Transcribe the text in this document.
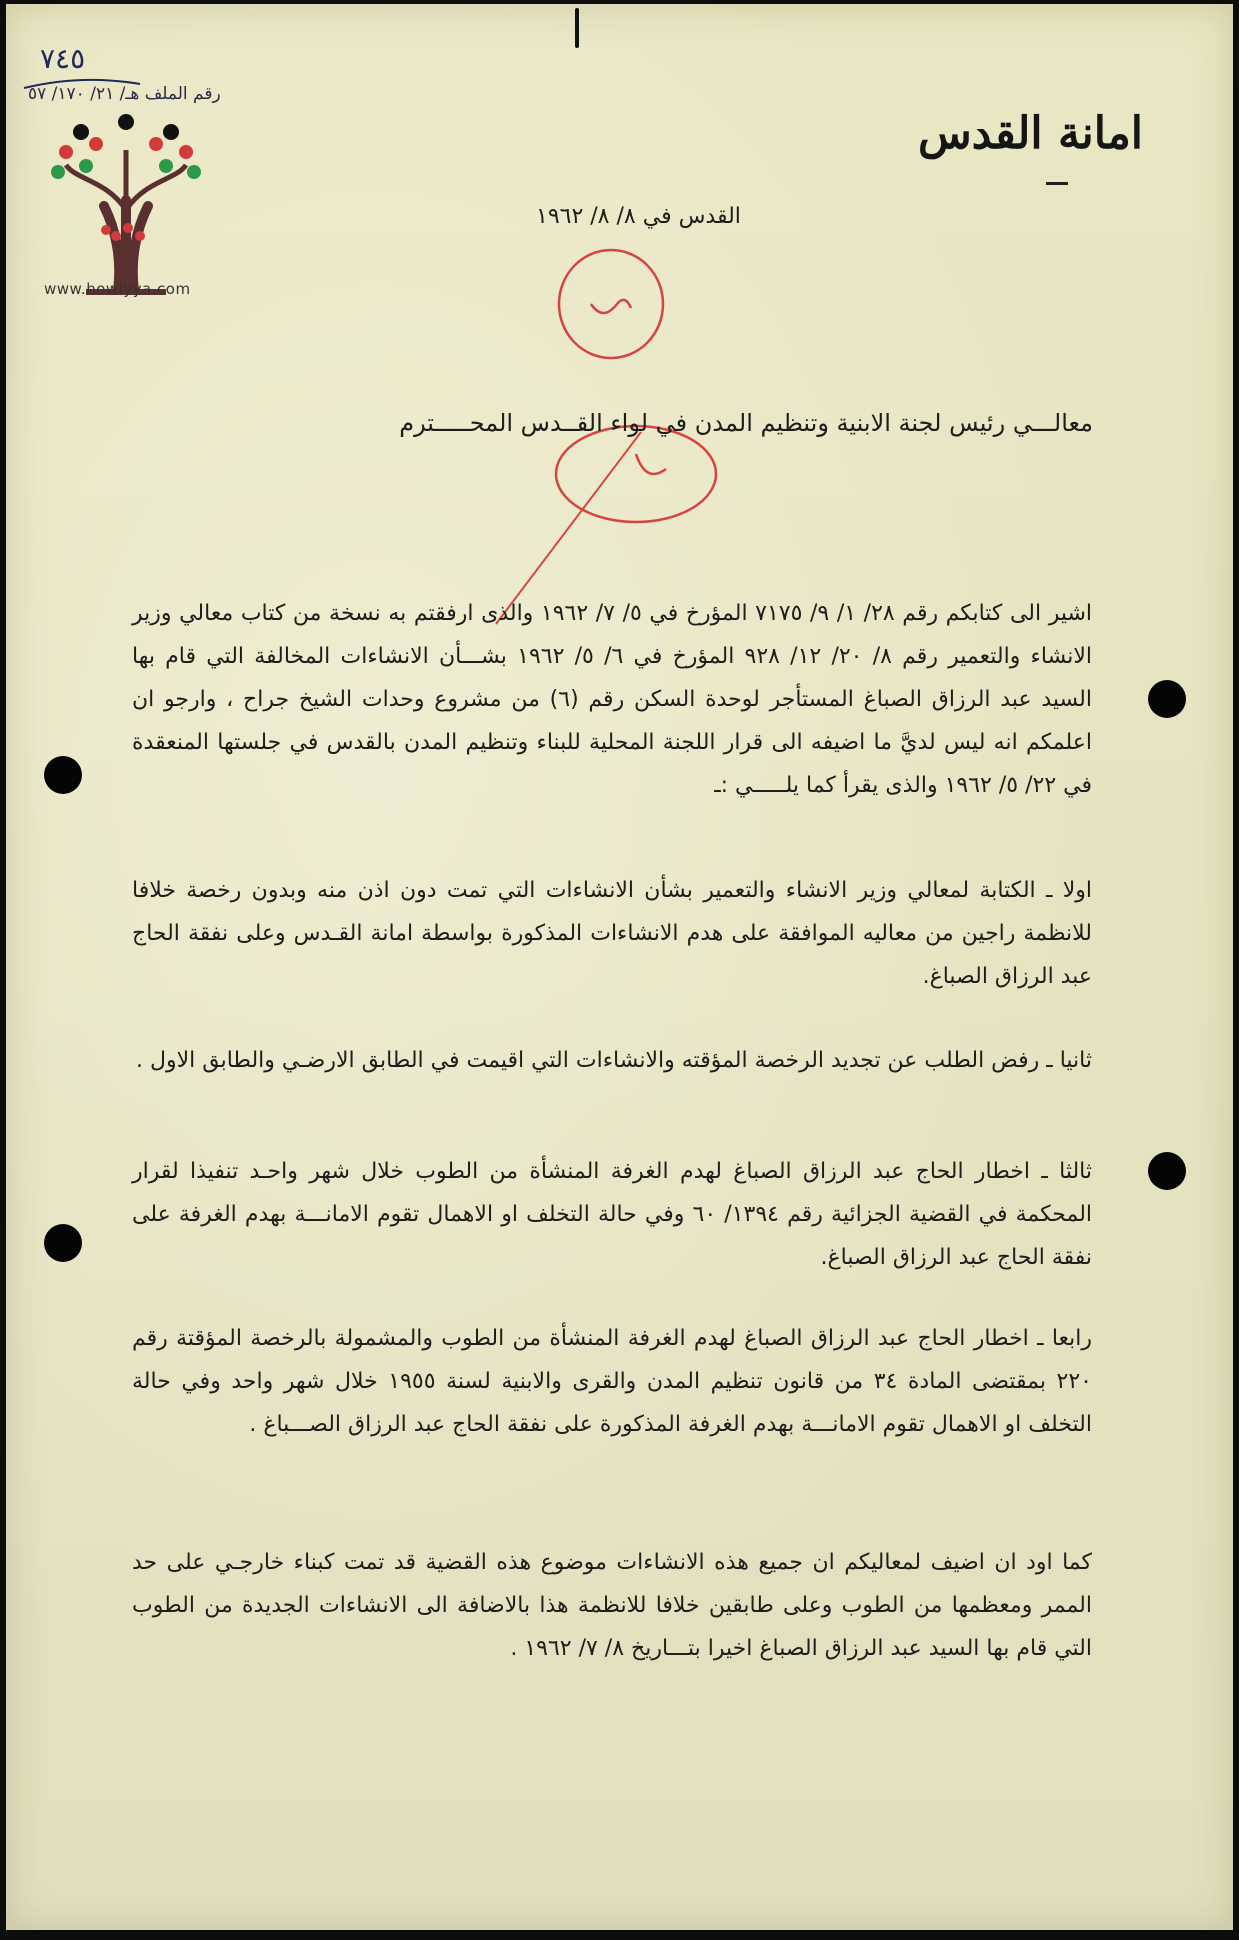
٧٤٥
رقم الملف هـ/ ٢١/ ١٧٠/ ٥٧
www.howiyya.com
امانة القدس
القدس في ٨/ ٨/ ١٩٦٢
معالـــي رئيس لجنة الابنية وتنظيم المدن في لواء القــدس المحـــــترم
اشير الى كتابكم رقم ٢٨/ ١/ ٩/ ٧١٧٥ المؤرخ في ٥/ ٧/ ١٩٦٢ والذى ارفقتم به نسخة من كتاب معالي وزير الانشاء والتعمير رقم ٨/ ٢٠/ ١٢/ ٩٢٨ المؤرخ في ٦/ ٥/ ١٩٦٢ بشـــأن الانشاءات المخالفة التي قام بها السيد عبد الرزاق الصباغ المستأجر لوحدة السكن رقم (٦) من مشروع وحدات الشيخ جراح ، وارجو ان اعلمكم انه ليس لديَّ ما اضيفه الى قرار اللجنة المحلية للبناء وتنظيم المدن بالقدس في جلستها المنعقدة في ٢٢/ ٥/ ١٩٦٢ والذى يقرأ كما يلـــــي :ـ
اولا ـ الكتابة لمعالي وزير الانشاء والتعمير بشأن الانشاءات التي تمت دون اذن منه وبدون رخصة خلافا للانظمة راجين من معاليه الموافقة على هدم الانشاءات المذكورة بواسطة امانة القـدس وعلى نفقة الحاج عبد الرزاق الصباغ.
ثانيا ـ رفض الطلب عن تجديد الرخصة المؤقته والانشاءات التي اقيمت في الطابق الارضـي والطابق الاول .
ثالثا ـ اخطار الحاج عبد الرزاق الصباغ لهدم الغرفة المنشأة من الطوب خلال شهر واحـد تنفيذا لقرار المحكمة في القضية الجزائية رقم ١٣٩٤/ ٦٠ وفي حالة التخلف او الاهمال تقوم الامانـــة بهدم الغرفة على نفقة الحاج عبد الرزاق الصباغ.
رابعا ـ اخطار الحاج عبد الرزاق الصباغ لهدم الغرفة المنشأة من الطوب والمشمولة بالرخصة المؤقتة رقم ٢٢٠ بمقتضى المادة ٣٤ من قانون تنظيم المدن والقرى والابنية لسنة ١٩٥٥ خلال شهر واحد وفي حالة التخلف او الاهمال تقوم الامانـــة بهدم الغرفة المذكورة على نفقة الحاج عبد الرزاق الصـــباغ .
كما اود ان اضيف لمعاليكم ان جميع هذه الانشاءات موضوع هذه القضية قد تمت كبناء خارجـي على حد الممر ومعظمها من الطوب وعلى طابقين خلافا للانظمة هذا بالاضافة الى الانشاءات الجديدة من الطوب التي قام بها السيد عبد الرزاق الصباغ اخيرا بتـــاريخ ٨/ ٧/ ١٩٦٢ .
